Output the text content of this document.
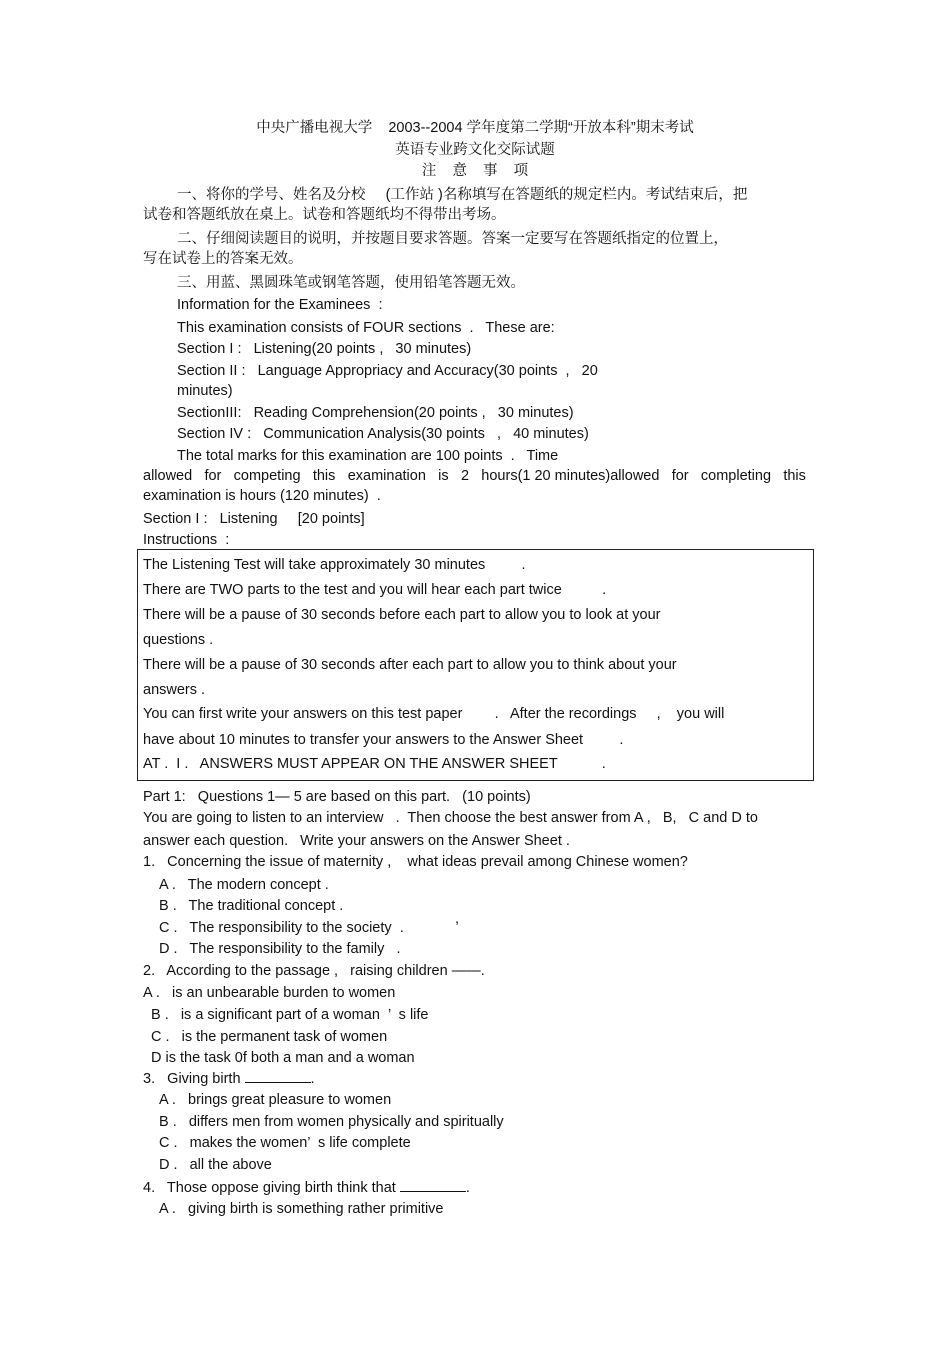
中央广播电视大学    2003--2004 学年度第二学期“开放本科”期末考试
英语专业跨文化交际试题
注    意    事    项
一、将你的学号、姓名及分校     (工作站 )名称填写在答题纸的规定栏内。考试结束后，把
试卷和答题纸放在桌上。试卷和答题纸均不得带出考场。
二、仔细阅读题目的说明，并按题目要求答题。答案一定要写在答题纸指定的位置上，
写在试卷上的答案无效。
三、用蓝、黑圆珠笔或钢笔答题，使用铅笔答题无效。
Information for the Examinees  :
This examination consists of FOUR sections  .   These are:
Section I :   Listening(20 points ,   30 minutes)
Section II :   Language Appropriacy and Accuracy(30 points  ,   20
minutes)
SectionIII:   Reading Comprehension(20 points ,   30 minutes)
Section IV :   Communication Analysis(30 points   ,   40 minutes)
The total marks for this examination are 100 points  .   Time
allowed for competing this examination is 2 hours(1 20 minutes)allowed for completing this
examination is hours (120 minutes)  .
Section I :   Listening     [20 points]
Instructions  :
The Listening Test will take approximately 30 minutes         .
There are TWO parts to the test and you will hear each part twice          .
There will be a pause of 30 seconds before each part to allow you to look at your
questions .
There will be a pause of 30 seconds after each part to allow you to think about your
answers .
You can first write your answers on this test paper        .   After the recordings     ,    you will
have about 10 minutes to transfer your answers to the Answer Sheet         .
AT .  I .   ANSWERS MUST APPEAR ON THE ANSWER SHEET           .
Part 1:   Questions 1— 5 are based on this part.   (10 points)
You are going to listen to an interview   .  Then choose the best answer from A ,   B,   C and D to
answer each question.   Write your answers on the Answer Sheet .
1.   Concerning the issue of maternity ,    what ideas prevail among Chinese women?
A .   The modern concept .
B .   The traditional concept .
C .   The responsibility to the society  .
,
D .   The responsibility to the family   .
2.   According to the passage ,   raising children ——.
A .   is an unbearable burden to women
B .   is a significant part of a woman  ’  s life
C .   is the permanent task of women
D is the task 0f both a man and a woman
3.   Giving birth	.
A .   brings great pleasure to women
B .   differs men from women physically and spiritually
C .   makes the women’  s life complete
D .   all the above
4.   Those oppose giving birth think that	.
A .   giving birth is something rather primitive
